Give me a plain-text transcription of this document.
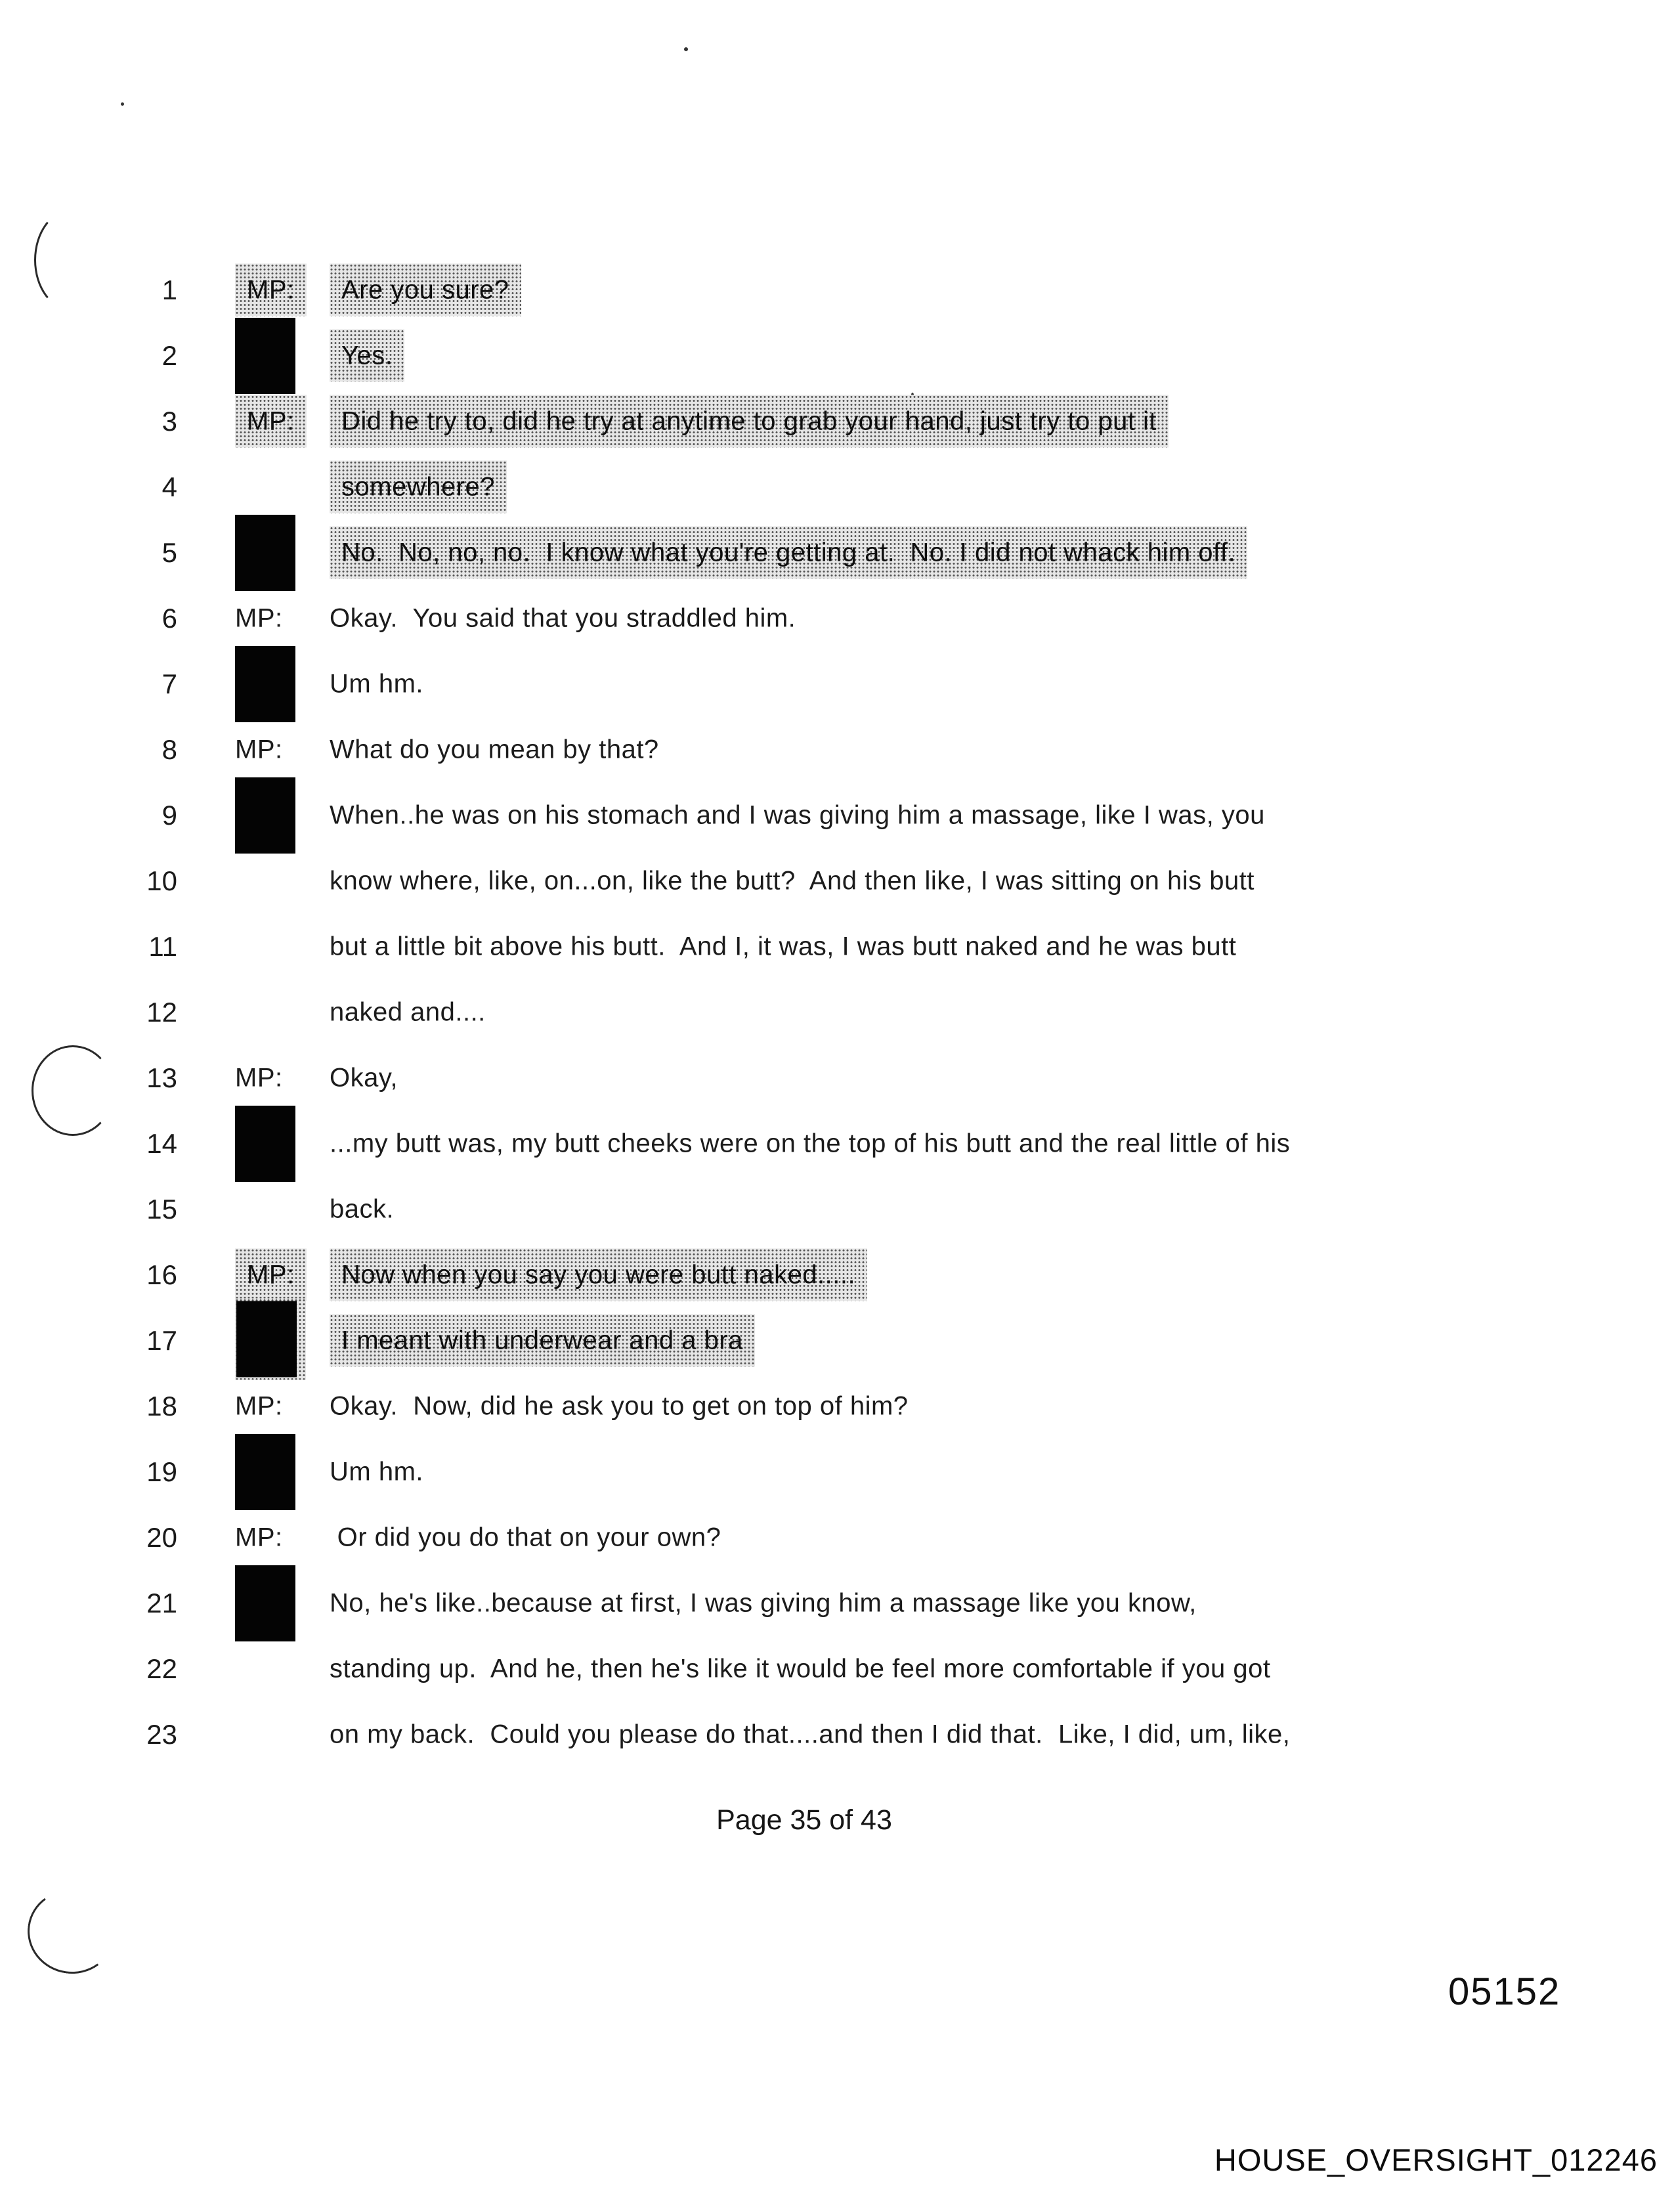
1	MP:	Are you sure?
2	Yes.
3	MP:	Did he try to, did he try at anytime to grab your hand, just try to put it
4	somewhere?
5	No.  No, no, no.  I know what you're getting at.  No. I did not whack him off.
6 MP: Okay.  You said that you straddled him.
7	Um hm.
8 MP: What do you mean by that?
9	When..he was on his stomach and I was giving him a massage, like I was, you
10	know where, like, on...on, like the butt?  And then like, I was sitting on his butt
11	but a little bit above his butt.  And I, it was, I was butt naked and he was butt
12	naked and....
13 MP: Okay,
14	...my butt was, my butt cheeks were on the top of his butt and the real little of his
15	back.
16	MP:	Now when you say you were butt naked.....
17	I meant with underwear and a bra
18 MP: Okay.  Now, did he ask you to get on top of him?
19	Um hm.
20 MP: Or did you do that on your own?
21	No, he's like..because at first, I was giving him a massage like you know,
22	standing up.  And he, then he's like it would be feel more comfortable if you got
23	on my back.  Could you please do that....and then I did that.  Like, I did, um, like,
Page 35 of 43
05152
HOUSE_OVERSIGHT_012246
